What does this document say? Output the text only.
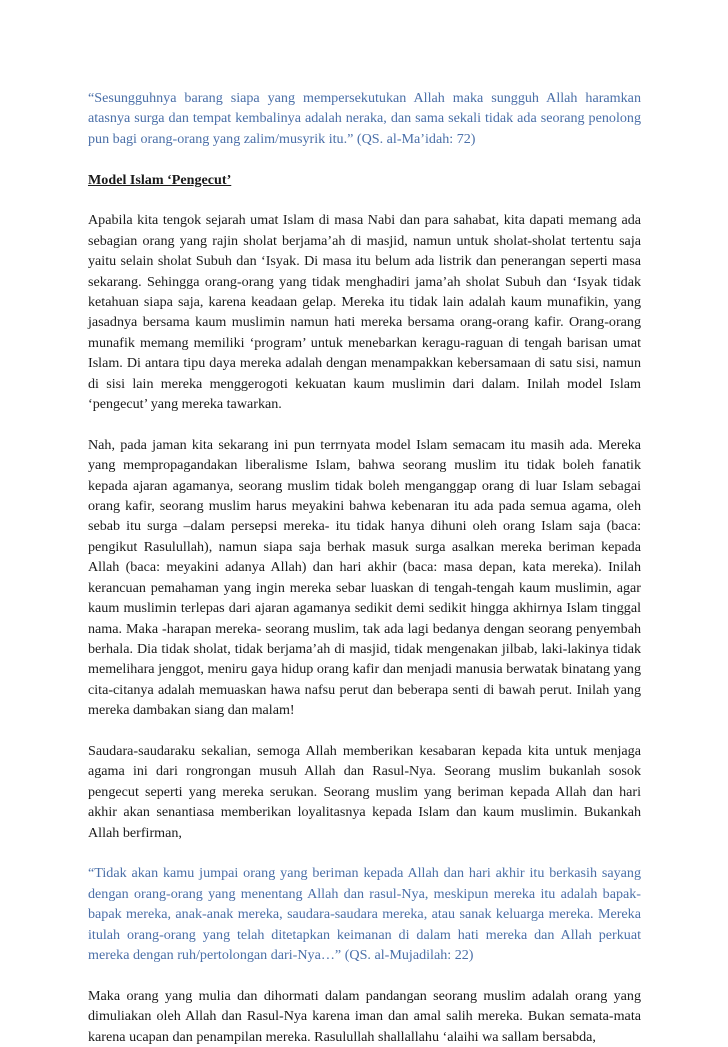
“Sesungguhnya barang siapa yang mempersekutukan Allah maka sungguh Allah haramkan atasnya surga dan tempat kembalinya adalah neraka, dan sama sekali tidak ada seorang penolong pun bagi orang-orang yang zalim/musyrik itu.” (QS. al-Ma’idah: 72)

Model Islam ‘Pengecut’

Apabila kita tengok sejarah umat Islam di masa Nabi dan para sahabat, kita dapati memang ada sebagian orang yang rajin sholat berjama’ah di masjid, namun untuk sholat-sholat tertentu saja yaitu selain sholat Subuh dan ‘Isyak. Di masa itu belum ada listrik dan penerangan seperti masa sekarang. Sehingga orang-orang yang tidak menghadiri jama’ah sholat Subuh dan ‘Isyak tidak ketahuan siapa saja, karena keadaan gelap. Mereka itu tidak lain adalah kaum munafikin, yang jasadnya bersama kaum muslimin namun hati mereka bersama orang-orang kafir. Orang-orang munafik memang memiliki ‘program’ untuk menebarkan keragu-raguan di tengah barisan umat Islam. Di antara tipu daya mereka adalah dengan menampakkan kebersamaan di satu sisi, namun di sisi lain mereka menggerogoti kekuatan kaum muslimin dari dalam. Inilah model Islam ‘pengecut’ yang mereka tawarkan.

Nah, pada jaman kita sekarang ini pun terrnyata model Islam semacam itu masih ada. Mereka yang mempropagandakan liberalisme Islam, bahwa seorang muslim itu tidak boleh fanatik kepada ajaran agamanya, seorang muslim tidak boleh menganggap orang di luar Islam sebagai orang kafir, seorang muslim harus meyakini bahwa kebenaran itu ada pada semua agama, oleh sebab itu surga –dalam persepsi mereka- itu tidak hanya dihuni oleh orang Islam saja (baca: pengikut Rasulullah), namun siapa saja berhak masuk surga asalkan mereka beriman kepada Allah (baca: meyakini adanya Allah) dan hari akhir (baca: masa depan, kata mereka). Inilah kerancuan pemahaman yang ingin mereka sebar luaskan di tengah-tengah kaum muslimin, agar kaum muslimin terlepas dari ajaran agamanya sedikit demi sedikit hingga akhirnya Islam tinggal nama. Maka -harapan mereka- seorang muslim, tak ada lagi bedanya dengan seorang penyembah berhala. Dia tidak sholat, tidak berjama’ah di masjid, tidak mengenakan jilbab, laki-lakinya tidak memelihara jenggot, meniru gaya hidup orang kafir dan menjadi manusia berwatak binatang yang cita-citanya adalah memuaskan hawa nafsu perut dan beberapa senti di bawah perut. Inilah yang mereka dambakan siang dan malam!

Saudara-saudaraku sekalian, semoga Allah memberikan kesabaran kepada kita untuk menjaga agama ini dari rongrongan musuh Allah dan Rasul-Nya. Seorang muslim bukanlah sosok pengecut seperti yang mereka serukan. Seorang muslim yang beriman kepada Allah dan hari akhir akan senantiasa memberikan loyalitasnya kepada Islam dan kaum muslimin. Bukankah Allah berfirman,

“Tidak akan kamu jumpai orang yang beriman kepada Allah dan hari akhir itu berkasih sayang dengan orang-orang yang menentang Allah dan rasul-Nya, meskipun mereka itu adalah bapak-bapak mereka, anak-anak mereka, saudara-saudara mereka, atau sanak keluarga mereka. Mereka itulah orang-orang yang telah ditetapkan keimanan di dalam hati mereka dan Allah perkuat mereka dengan ruh/pertolongan dari-Nya…” (QS. al-Mujadilah: 22)

Maka orang yang mulia dan dihormati dalam pandangan seorang muslim adalah orang yang dimuliakan oleh Allah dan Rasul-Nya karena iman dan amal salih mereka. Bukan semata-mata karena ucapan dan penampilan mereka. Rasulullah shallallahu ‘alaihi wa sallam bersabda,
